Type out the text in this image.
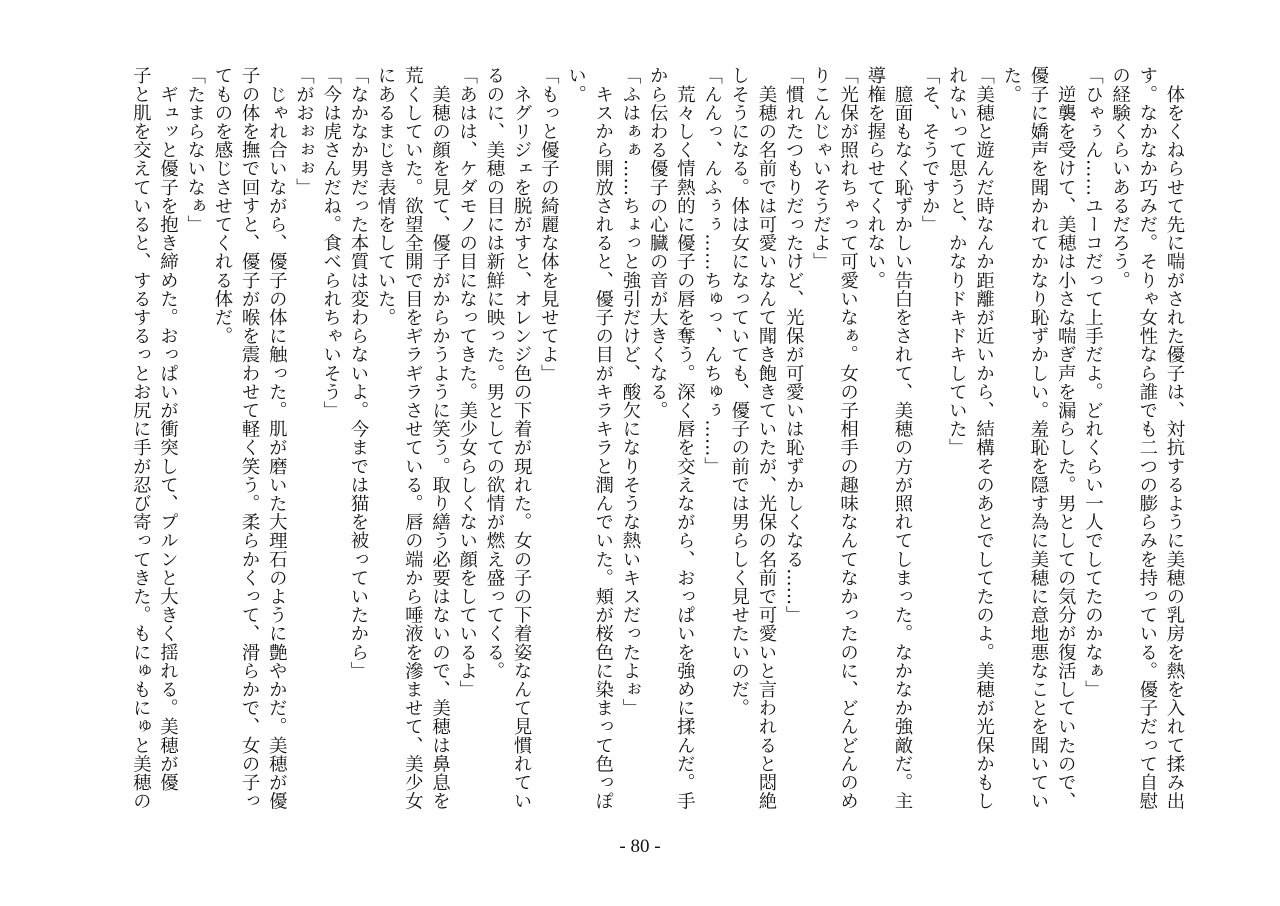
　体をくねらせて先に喘がされた優子は、対抗するように美穂の乳房を熱を入れて揉み出
す。なかなか巧みだ。そりゃ女性なら誰でも二つの膨らみを持っている。優子だって自慰
の経験くらいあるだろう。
「ひゃぅん……ユーコだって上手だよ。どれくらい一人でしてたのかなぁ」
　逆襲を受けて、美穂は小さな喘ぎ声を漏らした。男としての気分が復活していたので、
優子に嬌声を聞かれてかなり恥ずかしい。羞恥を隠す為に美穂に意地悪なことを聞いてい
た。
「美穂と遊んだ時なんか距離が近いから、結構そのあとでしてたのよ。美穂が光保かもし
れないって思うと、かなりドキドキしていた」
「そ、そうですか」
　臆面もなく恥ずかしい告白をされて、美穂の方が照れてしまった。なかなか強敵だ。主
導権を握らせてくれない。
「光保が照れちゃって可愛いなぁ。女の子相手の趣味なんてなかったのに、どんどんのめ
りこんじゃいそうだよ」
「慣れたつもりだったけど、光保が可愛いは恥ずかしくなる……」
　美穂の名前では可愛いなんて聞き飽きていたが、光保の名前で可愛いと言われると悶絶
しそうになる。体は女になっていても、優子の前では男らしく見せたいのだ。
「んんっ、んふぅぅ……ちゅっ、んちゅぅ……」
　荒々しく情熱的に優子の唇を奪う。深く唇を交えながら、おっぱいを強めに揉んだ。手
から伝わる優子の心臓の音が大きくなる。
「ふはぁぁ……ちょっと強引だけど、酸欠になりそうな熱いキスだったよぉ」
　キスから開放されると、優子の目がキラキラと潤んでいた。頬が桜色に染まって色っぽ
い。
「もっと優子の綺麗な体を見せてよ」
　ネグリジェを脱がすと、オレンジ色の下着が現れた。女の子の下着姿なんて見慣れてい
るのに、美穂の目には新鮮に映った。男としての欲情が燃え盛ってくる。
「あはは、ケダモノの目になってきた。美少女らしくない顔をしているよ」
　美穂の顔を見て、優子がからかうように笑う。取り繕う必要はないので、美穂は鼻息を
荒くしていた。欲望全開で目をギラギラさせている。唇の端から唾液を滲ませて、美少女
にあるまじき表情をしていた。
「なかなか男だった本質は変わらないよ。今までは猫を被っていたから」
「今は虎さんだね。食べられちゃいそう」
「がおぉぉぉ」
　じゃれ合いながら、優子の体に触った。肌が磨いた大理石のように艶やかだ。美穂が優
子の体を撫で回すと、優子が喉を震わせて軽く笑う。柔らかくって、滑らかで、女の子っ
てものを感じさせてくれる体だ。
「たまらないなぁ」
　ギュッと優子を抱き締めた。おっぱいが衝突して、プルンと大きく揺れる。美穂が優
子と肌を交えていると、するするっとお尻に手が忍び寄ってきた。もにゅもにゅと美穂の
- 80 -
